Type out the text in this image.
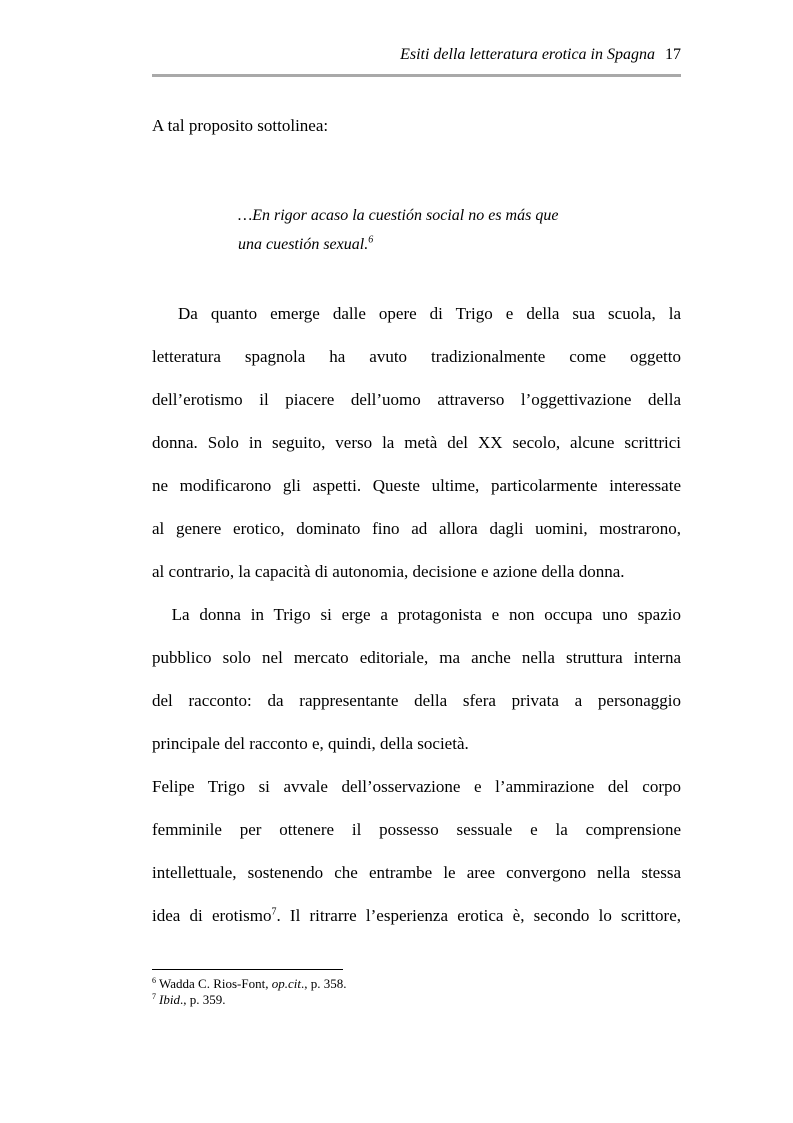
Esiti della letteratura erotica in Spagna 17
A tal proposito sottolinea:
…En rigor acaso la cuestión social no es más que
una cuestión sexual.$^6$
Da quanto emerge dalle opere di Trigo e della sua scuola, la
letteratura spagnola ha avuto tradizionalmente come oggetto
dell’erotismo il piacere dell’uomo attraverso l’oggettivazione della
donna. Solo in seguito, verso la metà del XX secolo, alcune scrittrici
ne modificarono gli aspetti. Queste ultime, particolarmente interessate
al genere erotico, dominato fino ad allora dagli uomini, mostrarono,
al contrario, la capacità di autonomia, decisione e azione della donna.
La donna in Trigo si erge a protagonista e non occupa uno spazio
pubblico solo nel mercato editoriale, ma anche nella struttura interna
del racconto: da rappresentante della sfera privata a personaggio
principale del racconto e, quindi, della società.
Felipe Trigo si avvale dell’osservazione e l’ammirazione del corpo
femminile per ottenere il possesso sessuale e la comprensione
intellettuale, sostenendo che entrambe le aree convergono nella stessa
idea di erotismo$^7$. Il ritrarre l’esperienza erotica è, secondo lo scrittore,
$^6$ Wadda C. Rios-Font, op.cit., p. 358.
$^7$ Ibid., p. 359.
